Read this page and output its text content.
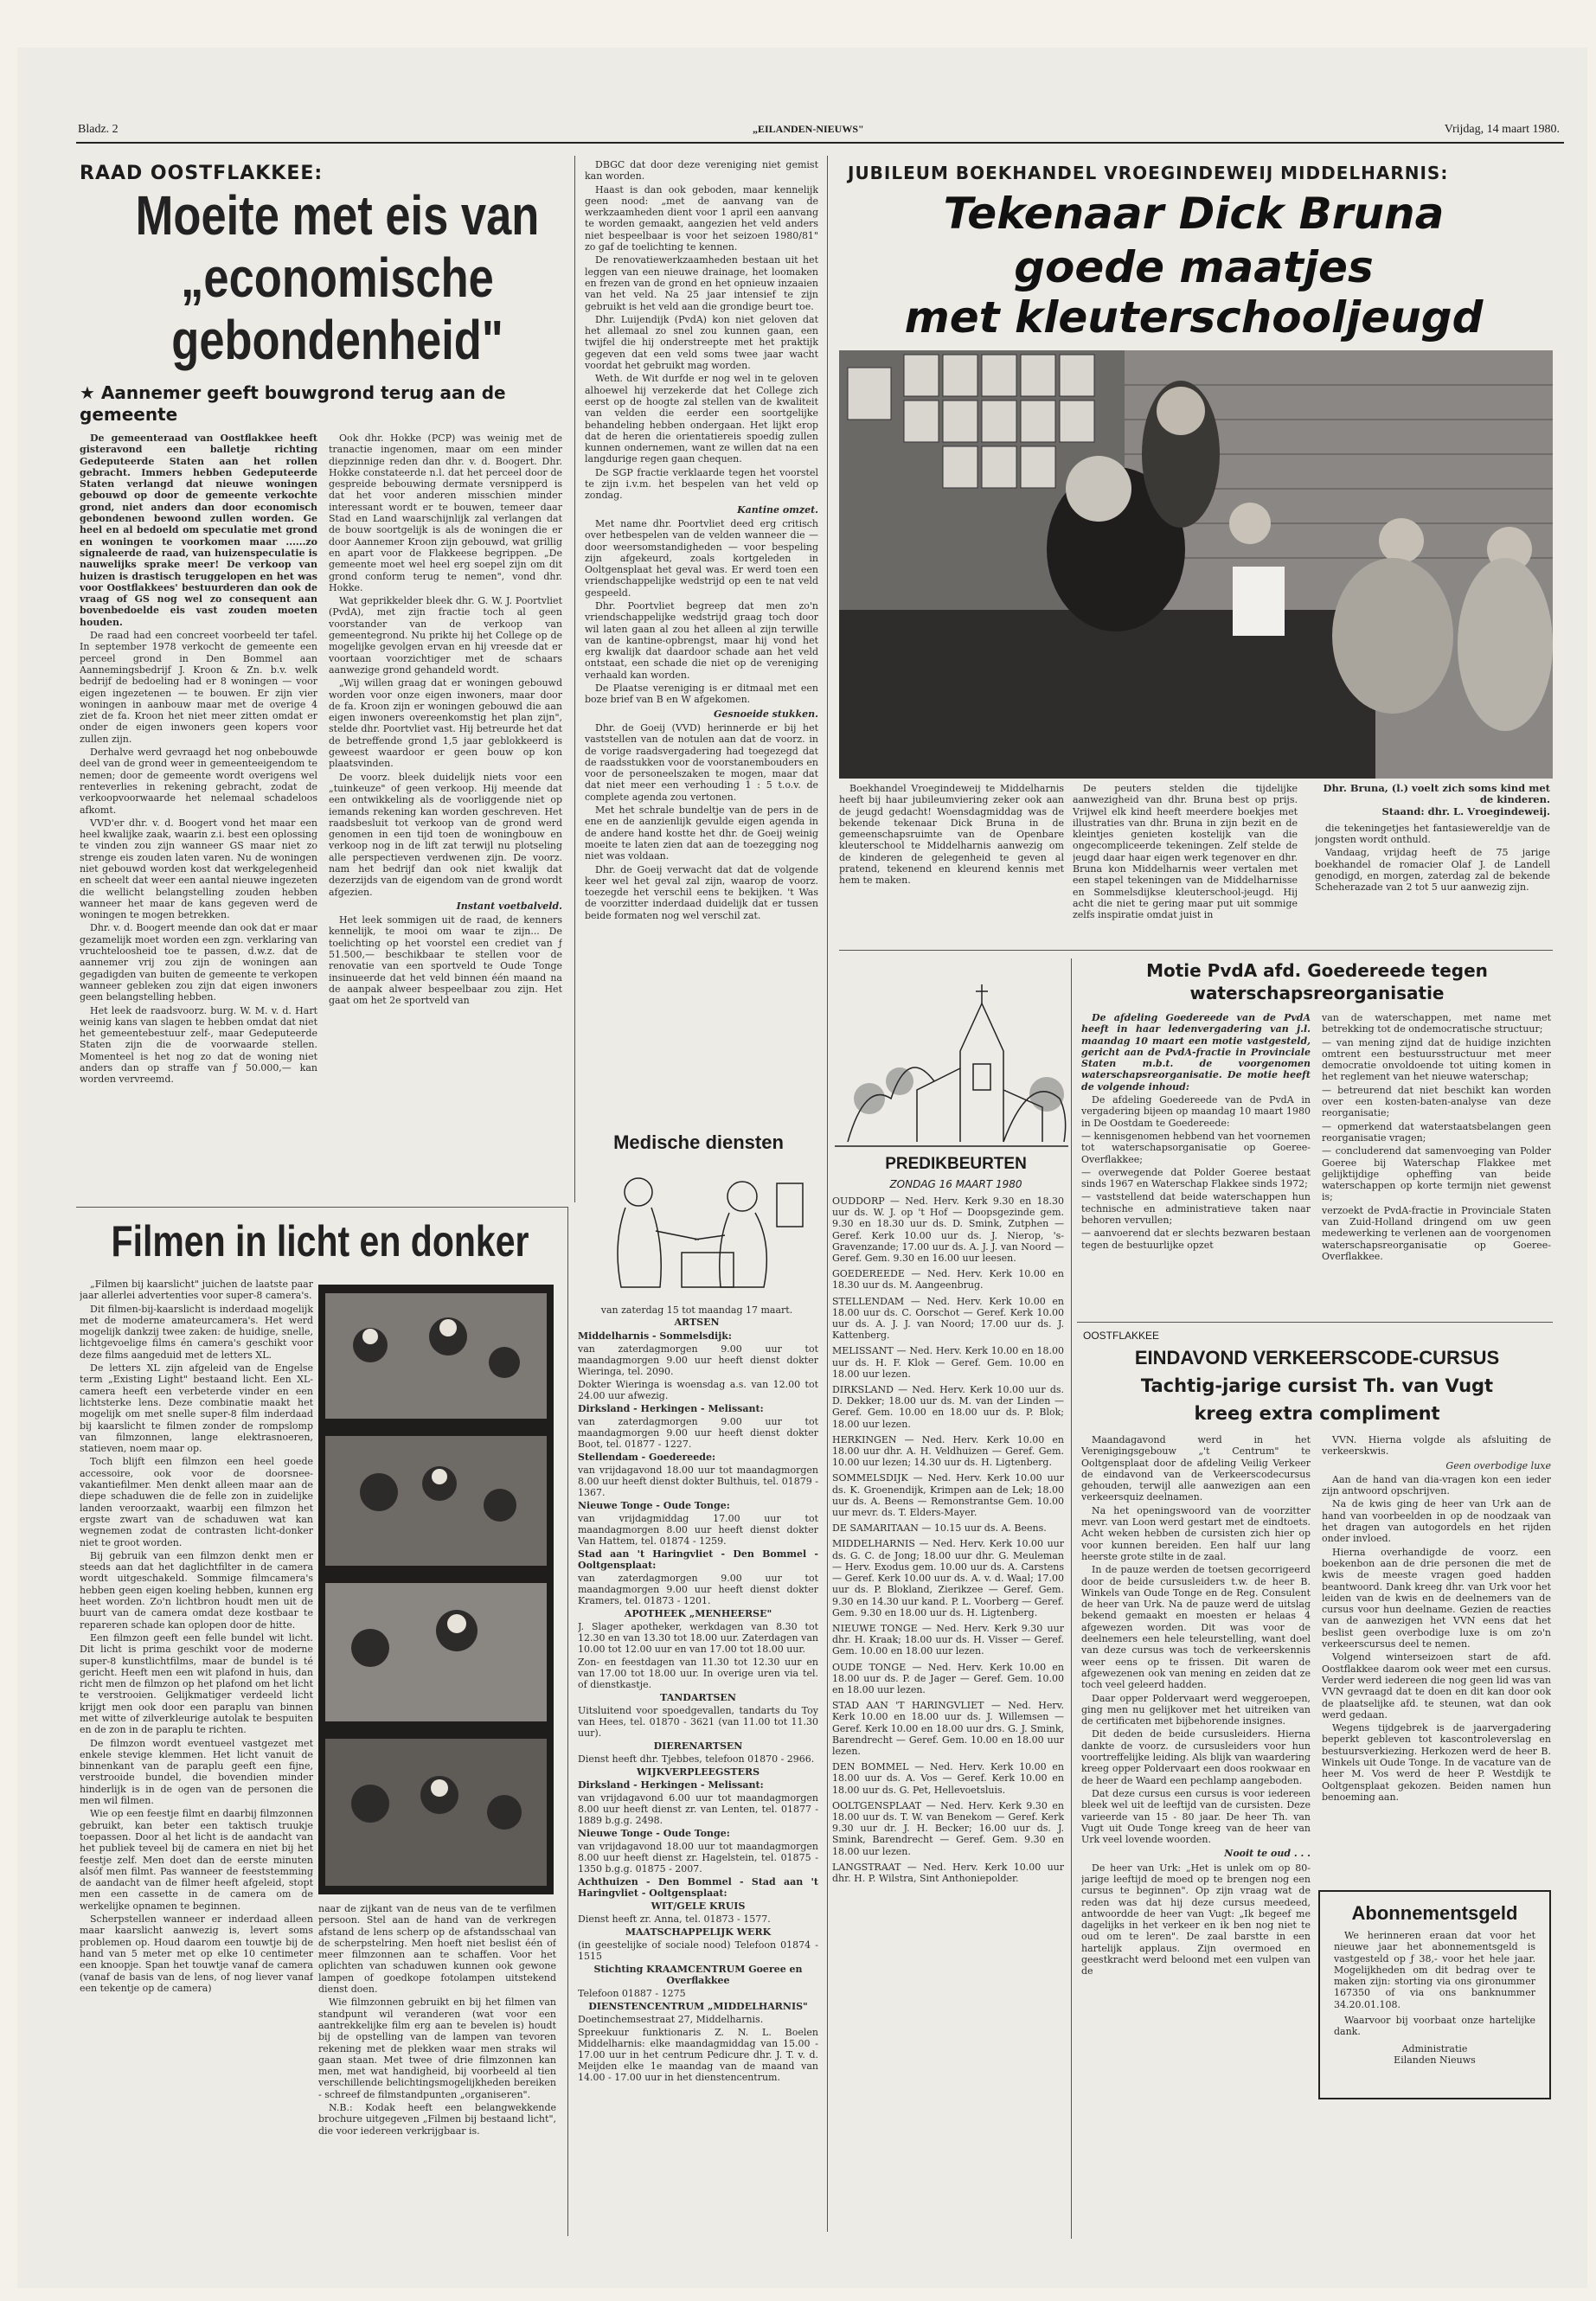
Bladz. 2	„EILANDEN-NIEUWS"	Vrijdag, 14 maart 1980.
RAAD OOSTFLAKKEE:
Moeite met eis van
„economische
gebondenheid"
★ Aannemer geeft bouwgrond terug aan de gemeente

De gemeenteraad van Oostflakkee heeft gisteravond een balletje richting Gedeputeerde Staten aan het rollen gebracht. Immers hebben Gedeputeerde Staten verlangd dat nieuwe woningen gebouwd op door de gemeente verkochte grond, niet anders dan door economisch gebondenen bewoond zullen worden. Ge heel en al bedoeld om speculatie met grond en woningen te voorkomen maar ......zo signaleerde de raad, van huizenspeculatie is nauwelijks sprake meer! De verkoop van huizen is drastisch teruggelopen en het was voor Oostflakkees' bestuurderen dan ook de vraag of GS nog wel zo consequent aan bovenbedoelde eis vast zouden moeten houden.

De raad had een concreet voorbeeld ter tafel. In september 1978 verkocht de gemeente een perceel grond in Den Bommel aan Aannemingsbedrijf J. Kroon & Zn. b.v. welk bedrijf de bedoeling had er 8 woningen — voor eigen ingezetenen — te bouwen. Er zijn vier woningen in aanbouw maar met de overige 4 ziet de fa. Kroon het niet meer zitten omdat er onder de eigen inwoners geen kopers voor zullen zijn.

Derhalve werd gevraagd het nog onbebouwde deel van de grond weer in gemeenteeigendom te nemen; door de gemeente wordt overigens wel renteverlies in rekening gebracht, zodat de verkoopvoorwaarde het nelemaal schadeloos afkomt.

VVD'er dhr. v. d. Boogert vond het maar een heel kwalijke zaak, waarin z.i. best een oplossing te vinden zou zijn wanneer GS maar niet zo strenge eis zouden laten varen. Nu de woningen niet gebouwd worden kost dat werkgelegenheid en scheelt dat weer een aantal nieuwe ingezeten die wellicht belangstelling zouden hebben wanneer het maar de kans gegeven werd de woningen te mogen betrekken.

Dhr. v. d. Boogert meende dan ook dat er maar gezamelijk moet worden een zgn. verklaring van vruchteloosheid toe te passen, d.w.z. dat de aannemer vrij zou zijn de woningen aan gegadigden van buiten de gemeente te verkopen wanneer gebleken zou zijn dat eigen inwoners geen belangstelling hebben.

Het leek de raadsvoorz. burg. W. M. v. d. Hart weinig kans van slagen te hebben omdat dat niet het gemeentebestuur zelf-, maar Gedeputeerde Staten zijn die de voorwaarde stellen. Momenteel is het nog zo dat de woning niet anders dan op straffe van ƒ 50.000,— kan worden vervreemd.

Ook dhr. Hokke (PCP) was weinig met de tranactie ingenomen, maar om een minder diepzinnige reden dan dhr. v. d. Boogert. Dhr. Hokke constateerde n.l. dat het perceel door de gespreide bebouwing dermate versnipperd is dat het voor anderen misschien minder interessant wordt er te bouwen, temeer daar Stad en Land waarschijnlijk zal verlangen dat de bouw soortgelijk is als de woningen die er door Aannemer Kroon zijn gebouwd, wat grillig en apart voor de Flakkeese begrippen. „De gemeente moet wel heel erg soepel zijn om dit grond conform terug te nemen", vond dhr. Hokke.

Wat geprikkelder bleek dhr. G. W. J. Poortvliet (PvdA), met zijn fractie toch al geen voorstander van de verkoop van gemeentegrond. Nu prikte hij het College op de mogelijke gevolgen ervan en hij vreesde dat er voortaan voorzichtiger met de schaars aanwezige grond gehandeld wordt.

„Wij willen graag dat er woningen gebouwd worden voor onze eigen inwoners, maar door de fa. Kroon zijn er woningen gebouwd die aan eigen inwoners overeenkomstig het plan zijn", stelde dhr. Poortvliet vast. Hij betreurde het dat de betreffende grond 1,5 jaar geblokkeerd is geweest waardoor er geen bouw op kon plaatsvinden.

De voorz. bleek duidelijk niets voor een „tuinkeuze" of geen verkoop. Hij meende dat een ontwikkeling als de voorliggende niet op iemands rekening kan worden geschreven. Het raadsbesluit tot verkoop van de grond werd genomen in een tijd toen de woningbouw en verkoop nog in de lift zat terwijl nu plotseling alle perspectieven verdwenen zijn. De voorz. nam het bedrijf dan ook niet kwalijk dat dezerzijds van de eigendom van de grond wordt afgezien.

Instant voetbalveld.

Het leek sommigen uit de raad, de kenners kennelijk, te mooi om waar te zijn... De toelichting op het voorstel een crediet van ƒ 51.500,— beschikbaar te stellen voor de renovatie van een sportveld te Oude Tonge insinueerde dat het veld binnen één maand na de aanpak alweer bespeelbaar zou zijn. Het gaat om het 2e sportveld van

DBGC dat door deze vereniging niet gemist kan worden.

Haast is dan ook geboden, maar kennelijk geen nood: „met de aanvang van de werkzaamheden dient voor 1 april een aanvang te worden gemaakt, aangezien het veld anders niet bespeelbaar is voor het seizoen 1980/81" zo gaf de toelichting te kennen.

De renovatiewerkzaamheden bestaan uit het leggen van een nieuwe drainage, het loomaken en frezen van de grond en het opnieuw inzaaien van het veld. Na 25 jaar intensief te zijn gebruikt is het veld aan die grondige beurt toe.

Dhr. Luijendijk (PvdA) kon niet geloven dat het allemaal zo snel zou kunnen gaan, een twijfel die hij onderstreepte met het praktijk gegeven dat een veld soms twee jaar wacht voordat het gebruikt mag worden.

Weth. de Wit durfde er nog wel in te geloven alhoewel hij verzekerde dat het College zich eerst op de hoogte zal stellen van de kwaliteit van velden die eerder een soortgelijke behandeling hebben ondergaan. Het lijkt erop dat de heren die orientatiereis spoedig zullen kunnen ondernemen, want ze willen dat na een langdurige regen gaan chequen.

De SGP fractie verklaarde tegen het voorstel te zijn i.v.m. het bespelen van het veld op zondag.

Kantine omzet.

Met name dhr. Poortvliet deed erg critisch over hetbespelen van de velden wanneer die — door weersomstandigheden — voor bespeling zijn afgekeurd, zoals kortgeleden in Ooltgensplaat het geval was. Er werd toen een vriendschappelijke wedstrijd op een te nat veld gespeeld.

Dhr. Poortvliet begreep dat men zo'n vriendschappelijke wedstrijd graag toch door wil laten gaan al zou het alleen al zijn terwille van de kantine-opbrengst, maar hij vond het erg kwalijk dat daardoor schade aan het veld ontstaat, een schade die niet op de vereniging verhaald kan worden.

De Plaatse vereniging is er ditmaal met een boze brief van B en W afgekomen.

Gesnoeide stukken.

Dhr. de Goeij (VVD) herinnerde er bij het vaststellen van de notulen aan dat de voorz. in de vorige raadsvergadering had toegezegd dat de raadsstukken voor de voorstanembouders en voor de personeelszaken te mogen, maar dat dat niet meer een verhouding 1 : 5 t.o.v. de complete agenda zou vertonen.

Met het schrale bundeltje van de pers in de ene en de aanzienlijk gevulde eigen agenda in de andere hand kostte het dhr. de Goeij weinig moeite te laten zien dat aan de toezegging nog niet was voldaan.

Dhr. de Goeij verwacht dat dat de volgende keer wel het geval zal zijn, waarop de voorz. toezegde het verschil eens te bekijken. 't Was de voorzitter inderdaad duidelijk dat er tussen beide formaten nog wel verschil zat.

JUBILEUM BOEKHANDEL VROEGINDEWEIJ MIDDELHARNIS:
Tekenaar Dick Bruna
goede maatjes
met kleuterschooljeugd

Boekhandel Vroegindeweij te Middelharnis heeft bij haar jubileumviering zeker ook aan de jeugd gedacht! Woensdagmiddag was de bekende tekenaar Dick Bruna in de gemeenschapsruimte van de Openbare kleuterschool te Middelharnis aanwezig om de kinderen de gelegenheid te geven al pratend, tekenend en kleurend kennis met hem te maken.

De peuters stelden die tijdelijke aanwezigheid van dhr. Bruna best op prijs. Vrijwel elk kind heeft meerdere boekjes met illustraties van dhr. Bruna in zijn bezit en de kleintjes genieten kostelijk van die ongecompliceerde tekeningen. Zelf stelde de jeugd daar haar eigen werk tegenover en dhr. Bruna kon Middelharnis weer vertalen met een stapel tekeningen van de Middelharnisse en Sommelsdijkse kleuterschool-jeugd. Hij acht die niet te gering maar put uit sommige zelfs inspiratie omdat juist in

Dhr. Bruna, (l.) voelt zich soms kind met de kinderen.
Staand: dhr. L. Vroegindeweij.

die tekeningetjes het fantasiewereldje van de jongsten wordt onthuld.

Vandaag, vrijdag heeft de 75 jarige boekhandel de romacier Olaf J. de Landell genodigd, en morgen, zaterdag zal de bekende Scheherazade van 2 tot 5 uur aanwezig zijn.

PREDIKBEURTEN
ZONDAG 16 MAART 1980

OUDDORP — Ned. Herv. Kerk 9.30 en 18.30 uur ds. W. J. op 't Hof — Doopsgezinde gem. 9.30 en 18.30 uur ds. D. Smink, Zutphen — Geref. Kerk 10.00 uur ds. J. Nierop, 's-Gravenzande; 17.00 uur ds. A. J. J. van Noord — Geref. Gem. 9.30 en 16.00 uur leesen.

GOEDEREEDE — Ned. Herv. Kerk 10.00 en 18.30 uur ds. M. Aangeenbrug.

STELLENDAM — Ned. Herv. Kerk 10.00 en 18.00 uur ds. C. Oorschot — Geref. Kerk 10.00 uur ds. A. J. J. van Noord; 17.00 uur ds. J. Kattenberg.

MELISSANT — Ned. Herv. Kerk 10.00 en 18.00 uur ds. H. F. Klok — Geref. Gem. 10.00 en 18.00 uur lezen.

DIRKSLAND — Ned. Herv. Kerk 10.00 uur ds. D. Dekker; 18.00 uur ds. M. van der Linden — Geref. Gem. 10.00 en 18.00 uur ds. P. Blok; 18.00 uur lezen.

HERKINGEN — Ned. Herv. Kerk 10.00 en 18.00 uur dhr. A. H. Veldhuizen — Geref. Gem. 10.00 uur lezen; 14.30 uur ds. H. Ligtenberg.

SOMMELSDIJK — Ned. Herv. Kerk 10.00 uur ds. K. Groenendijk, Krimpen aan de Lek; 18.00 uur ds. A. Beens — Remonstrantse Gem. 10.00 uur mevr. ds. T. Elders-Mayer.

DE SAMARITAAN — 10.15 uur ds. A. Beens.

MIDDELHARNIS — Ned. Herv. Kerk 10.00 uur ds. G. C. de Jong; 18.00 uur dhr. G. Meuleman — Herv. Exodus gem. 10.00 uur ds. A. Carstens — Geref. Kerk 10.00 uur ds. A. v. d. Waal; 17.00 uur ds. P. Blokland, Zierikzee — Geref. Gem. 9.30 en 14.30 uur kand. P. L. Voorberg — Geref. Gem. 9.30 en 18.00 uur ds. H. Ligtenberg.

NIEUWE TONGE — Ned. Herv. Kerk 9.30 uur dhr. H. Kraak; 18.00 uur ds. H. Visser — Geref. Gem. 10.00 en 18.00 uur lezen.

OUDE TONGE — Ned. Herv. Kerk 10.00 en 18.00 uur ds. P. de Jager — Geref. Gem. 10.00 en 18.00 uur lezen.

STAD AAN 'T HARINGVLIET — Ned. Herv. Kerk 10.00 en 18.00 uur ds. J. Willemsen — Geref. Kerk 10.00 en 18.00 uur drs. G. J. Smink, Barendrecht — Geref. Gem. 10.00 en 18.00 uur lezen.

DEN BOMMEL — Ned. Herv. Kerk 10.00 en 18.00 uur ds. A. Vos — Geref. Kerk 10.00 en 18.00 uur ds. G. Pet, Hellevoetsluis.

OOLTGENSPLAAT — Ned. Herv. Kerk 9.30 en 18.00 uur ds. T. W. van Benekom — Geref. Kerk 9.30 uur dr. J. H. Becker; 16.00 uur ds. J. Smink, Barendrecht — Geref. Gem. 9.30 en 18.00 uur lezen.

LANGSTRAAT — Ned. Herv. Kerk 10.00 uur dhr. H. P. Wilstra, Sint Anthoniepolder.

Motie PvdA afd. Goedereede tegen
waterschapsreorganisatie

De afdeling Goedereede van de PvdA heeft in haar ledenvergadering van j.l. maandag 10 maart een motie vastgesteld, gericht aan de PvdA-fractie in Provinciale Staten m.b.t. de voorgenomen waterschapsreorganisatie. De motie heeft de volgende inhoud:

De afdeling Goedereede van de PvdA in vergadering bijeen op maandag 10 maart 1980 in De Oostdam te Goedereede:

— kennisgenomen hebbend van het voornemen tot waterschapsorganisatie op Goeree-Overflakkee;

— overwegende dat Polder Goeree bestaat sinds 1967 en Waterschap Flakkee sinds 1972;

— vaststellend dat beide waterschappen hun technische en administratieve taken naar behoren vervullen;

— aanvoerend dat er slechts bezwaren bestaan tegen de bestuurlijke opzet

van de waterschappen, met name met betrekking tot de ondemocratische structuur;

— van mening zijnd dat de huidige inzichten omtrent een bestuursstructuur met meer democratie onvoldoende tot uiting komen in het reglement van het nieuwe waterschap;

— betreurend dat niet beschikt kan worden over een kosten-baten-analyse van deze reorganisatie;

— opmerkend dat waterstaatsbelangen geen reorganisatie vragen;

— concluderend dat samenvoeging van Polder Goeree bij Waterschap Flakkee met gelijktijdige opheffing van beide waterschappen op korte termijn niet gewenst is;

verzoekt de PvdA-fractie in Provinciale Staten van Zuid-Holland dringend om uw geen medewerking te verlenen aan de voorgenomen waterschapsreorganisatie op Goeree-Overflakkee.

OOSTFLAKKEE
EINDAVOND VERKEERSCODE-CURSUS
Tachtig-jarige cursist Th. van Vugt
kreeg extra compliment

Maandagavond werd in het Verenigingsgebouw „'t Centrum" te Ooltgensplaat door de afdeling Veilig Verkeer de eindavond van de Verkeerscodecursus gehouden, terwijl alle aanwezigen aan een verkeersquiz deelnamen.

Na het openingswoord van de voorzitter mevr. van Loon werd gestart met de eindtoets. Acht weken hebben de cursisten zich hier op voor kunnen bereiden. Een half uur lang heerste grote stilte in de zaal.

In de pauze werden de toetsen gecorrigeerd door de beide cursusleiders t.w. de heer B. Winkels van Oude Tonge en de Reg. Consulent de heer van Urk. Na de pauze werd de uitslag bekend gemaakt en moesten er helaas 4 afgewezen worden. Dit was voor de deelnemers een hele teleurstelling, want doel van deze cursus was toch de verkeerskennis weer eens op te frissen. Dit waren de afgewezenen ook van mening en zeiden dat ze toch veel geleerd hadden.

Daar opper Poldervaart werd weggeroepen, ging men nu gelijkover met het uitreiken van de certificaten met bijbehorende insignes.

Dit deden de beide cursusleiders. Hierna dankte de voorz. de cursusleiders voor hun voortreffelijke leiding. Als blijk van waardering kreeg opper Poldervaart een doos rookwaar en de heer de Waard een pechlamp aangeboden.

Dat deze cursus een cursus is voor iedereen bleek wel uit de leeftijd van de cursisten. Deze varieerde van 15 - 80 jaar. De heer Th. van Vugt uit Oude Tonge kreeg van de heer van Urk veel lovende woorden.

Nooit te oud . . .

De heer van Urk: „Het is unlek om op 80-jarige leeftijd de moed op te brengen nog een cursus te beginnen". Op zijn vraag wat de reden was dat hij deze cursus meedeed, antwoordde de heer van Vugt: „Ik begeef me dagelijks in het verkeer en ik ben nog niet te oud om te leren". De zaal barstte in een hartelijk applaus. Zijn overmoed en geestkracht werd beloond met een vulpen van de

VVN. Hierna volgde als afsluiting de verkeerskwis.

Geen overbodige luxe

Aan de hand van dia-vragen kon een ieder zijn antwoord opschrijven.

Na de kwis ging de heer van Urk aan de hand van voorbeelden in op de noodzaak van het dragen van autogordels en het rijden onder invloed.

Hierna overhandigde de voorz. een boekenbon aan de drie personen die met de kwis de meeste vragen goed hadden beantwoord. Dank kreeg dhr. van Urk voor het leiden van de kwis en de deelnemers van de cursus voor hun deelname. Gezien de reacties van de aanwezigen het VVN eens dat het beslist geen overbodige luxe is om zo'n verkeerscursus deel te nemen.

Volgend winterseizoen start de afd. Oostflakkee daarom ook weer met een cursus. Verder werd iedereen die nog geen lid was van VVN gevraagd dat te doen en dit kan door ook de plaatselijke afd. te steunen, wat dan ook werd gedaan.

Wegens tijdgebrek is de jaarvergadering beperkt gebleven tot kascontroleverslag en bestuursverkiezing. Herkozen werd de heer B. Winkels uit Oude Tonge. In de vacature van de heer M. Vos werd de heer P. Westdijk te Ooltgensplaat gekozen. Beiden namen hun benoeming aan.

Abonnementsgeld

We herinneren eraan dat voor het nieuwe jaar het abonnementsgeld is vastgesteld op ƒ 38,- voor het hele jaar. Mogelijkheden om dit bedrag over te maken zijn: storting via ons gironummer 167350 of via ons banknummer 34.20.01.108.

Waarvoor bij voorbaat onze hartelijke dank.

Administratie
Eilanden Nieuws
Filmen in licht en donker

„Filmen bij kaarslicht" juichen de laatste paar jaar allerlei advertenties voor super-8 camera's.

Dit filmen-bij-kaarslicht is inderdaad mogelijk met de moderne amateurcamera's. Het werd mogelijk dankzij twee zaken: de huidige, snelle, lichtgevoelige films én camera's geschikt voor deze films aangeduid met de letters XL.

De letters XL zijn afgeleid van de Engelse term „Existing Light" bestaand licht. Een XL-camera heeft een verbeterde vinder en een lichtsterke lens. Deze combinatie maakt het mogelijk om met snelle super-8 film inderdaad bij kaarslicht te filmen zonder de rompslomp van filmzonnen, lange elektrasnoeren, statieven, noem maar op.

Toch blijft een filmzon een heel goede accessoire, ook voor de doorsnee-vakantiefilmer. Men denkt alleen maar aan de diepe schaduwen die de felle zon in zuidelijke landen veroorzaakt, waarbij een filmzon het ergste zwart van de schaduwen wat kan wegnemen zodat de contrasten licht-donker niet te groot worden.

Bij gebruik van een filmzon denkt men er steeds aan dat het daglichtfilter in de camera wordt uitgeschakeld. Sommige filmcamera's hebben geen eigen koeling hebben, kunnen erg heet worden. Zo'n lichtbron houdt men uit de buurt van de camera omdat deze kostbaar te repareren schade kan oplopen door de hitte.

Een filmzon geeft een felle bundel wit licht. Dit licht is prima geschikt voor de moderne super-8 kunstlichtfilms, maar de bundel is té gericht. Heeft men een wit plafond in huis, dan richt men de filmzon op het plafond om het licht te verstrooien. Gelijkmatiger verdeeld licht krijgt men ook door een paraplu van binnen met witte of zilverkleurige autolak te bespuiten en de zon in de paraplu te richten.

De filmzon wordt eventueel vastgezet met enkele stevige klemmen. Het licht vanuit de binnenkant van de paraplu geeft een fijne, verstrooide bundel, die bovendien minder hinderlijk is in de ogen van de personen die men wil filmen.

Wie op een feestje filmt en daarbij filmzonnen gebruikt, kan beter een taktisch truukje toepassen. Door al het licht is de aandacht van het publiek teveel bij de camera en niet bij het feestje zelf. Men doet dan de eerste minuten alsóf men filmt. Pas wanneer de feeststemming de aandacht van de filmer heeft afgeleid, stopt men een cassette in de camera om de werkelijke opnamen te beginnen.

Scherpstellen wanneer er inderdaad alleen maar kaarslicht aanwezig is, levert soms problemen op. Houd daarom een touwtje bij de hand van 5 meter met op elke 10 centimeter een knoopje. Span het touwtje vanaf de camera (vanaf de basis van de lens, of nog liever vanaf een tekentje op de camera)

naar de zijkant van de neus van de te verfilmen persoon. Stel aan de hand van de verkregen afstand de lens scherp op de afstandsschaal van de scherpstelring. Men hoeft niet beslist één of meer filmzonnen aan te schaffen. Voor het oplichten van schaduwen kunnen ook gewone lampen of goedkope fotolampen uitstekend dienst doen.

Wie filmzonnen gebruikt en bij het filmen van standpunt wil veranderen (wat voor een aantrekkelijke film erg aan te bevelen is) houdt bij de opstelling van de lampen van tevoren rekening met de plekken waar men straks wil gaan staan. Met twee of drie filmzonnen kan men, met wat handigheid, bij voorbeeld al tien verschillende belichtingsmogelijkheden bereiken - schreef de filmstandpunten „organiseren".

N.B.: Kodak heeft een belangwekkende brochure uitgegeven „Filmen bij bestaand licht", die voor iedereen verkrijgbaar is.

Medische diensten
van zaterdag 15 tot maandag 17 maart.
ARTSEN

Middelharnis - Sommelsdijk:

van zaterdagmorgen 9.00 uur tot maandagmorgen 9.00 uur heeft dienst dokter Wieringa, tel. 2090.

Dokter Wieringa is woensdag a.s. van 12.00 tot 24.00 uur afwezig.

Dirksland - Herkingen - Melissant:

van zaterdagmorgen 9.00 uur tot maandagmorgen 9.00 uur heeft dienst dokter Boot, tel. 01877 - 1227.

Stellendam - Goedereede:

van vrijdagavond 18.00 uur tot maandagmorgen 8.00 uur heeft dienst dokter Bulthuis, tel. 01879 - 1367.

Nieuwe Tonge - Oude Tonge:

van vrijdagmiddag 17.00 uur tot maandagmorgen 8.00 uur heeft dienst dokter Van Hattem, tel. 01874 - 1259.

Stad aan 't Haringvliet - Den Bommel - Ooltgensplaat:

van zaterdagmorgen 9.00 uur tot maandagmorgen 9.00 uur heeft dienst dokter Kramers, tel. 01873 - 1201.

APOTHEEK „MENHEERSE"

J. Slager apotheker, werkdagen van 8.30 tot 12.30 en van 13.30 tot 18.00 uur. Zaterdagen van 10.00 tot 12.00 uur en van 17.00 tot 18.00 uur.

Zon- en feestdagen van 11.30 tot 12.30 uur en van 17.00 tot 18.00 uur. In overige uren via tel. of dienstkastje.

TANDARTSEN

Uitsluitend voor spoedgevallen, tandarts du Toy van Hees, tel. 01870 - 3621 (van 11.00 tot 11.30 uur).

DIERENARTSEN

Dienst heeft dhr. Tjebbes, telefoon 01870 - 2966.

WIJKVERPLEEGSTERS

Dirksland - Herkingen - Melissant:

van vrijdagavond 6.00 uur tot maandagmorgen 8.00 uur heeft dienst zr. van Lenten, tel. 01877 - 1889 b.g.g. 2498.

Nieuwe Tonge - Oude Tonge:

van vrijdagavond 18.00 uur tot maandagmorgen 8.00 uur heeft dienst zr. Hagelstein, tel. 01875 - 1350 b.g.g. 01875 - 2007.

Achthuizen - Den Bommel - Stad aan 't Haringvliet - Ooltgensplaat:

WIT/GELE KRUIS

Dienst heeft zr. Anna, tel. 01873 - 1577.

MAATSCHAPPELIJK WERK

(in geestelijke of sociale nood) Telefoon 01874 - 1515

Stichting KRAAMCENTRUM Goeree en Overflakkee

Telefoon 01887 - 1275

DIENSTENCENTRUM „MIDDELHARNIS"

Doetinchemsestraat 27, Middelharnis.

Spreekuur funktionaris Z. N. L. Boelen Middelharnis: elke maandagmiddag van 15.00 - 17.00 uur in het centrum Pedicure dhr. J. T. v. d. Meijden elke 1e maandag van de maand van 14.00 - 17.00 uur in het dienstencentrum.
